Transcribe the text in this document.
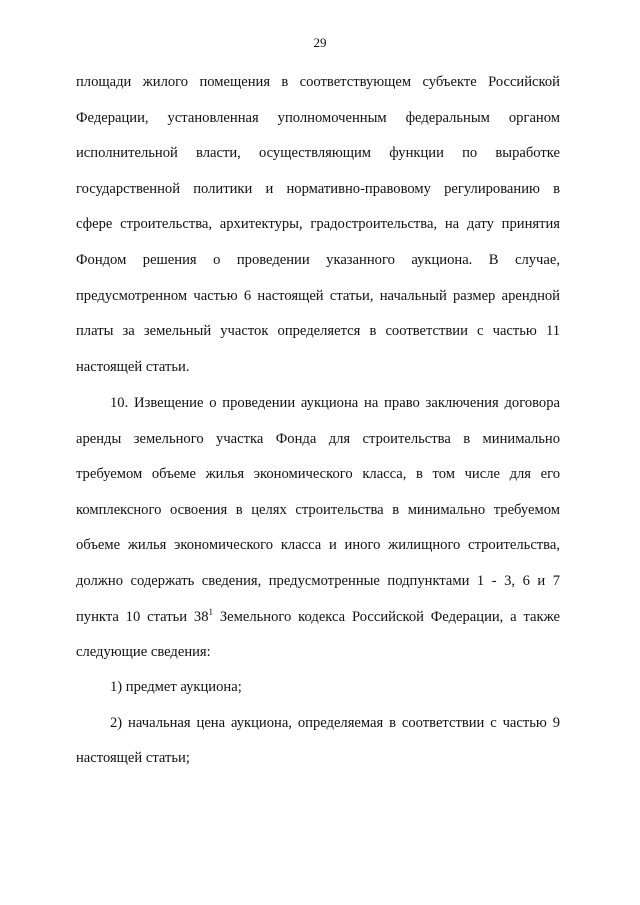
29
площади жилого помещения в соответствующем субъекте Российской
Федерации, установленная уполномоченным федеральным органом
исполнительной власти, осуществляющим функции по выработке
государственной политики и нормативно-правовому регулированию в
сфере строительства, архитектуры, градостроительства, на дату принятия
Фондом решения о проведении указанного аукциона. В случае,
предусмотренном частью 6 настоящей статьи, начальный размер арендной
платы за земельный участок определяется в соответствии с частью 11
настоящей статьи.
10. Извещение о проведении аукциона на право заключения договора
аренды земельного участка Фонда для строительства в минимально
требуемом объеме жилья экономического класса, в том числе для его
комплексного освоения в целях строительства в минимально требуемом
объеме жилья экономического класса и иного жилищного строительства,
должно содержать сведения, предусмотренные подпунктами 1 - 3, 6 и 7
пункта 10 статьи $38^1$ Земельного кодекса Российской Федерации, а также
следующие сведения:
1) предмет аукциона;
2) начальная цена аукциона, определяемая в соответствии с частью 9
настоящей статьи;
